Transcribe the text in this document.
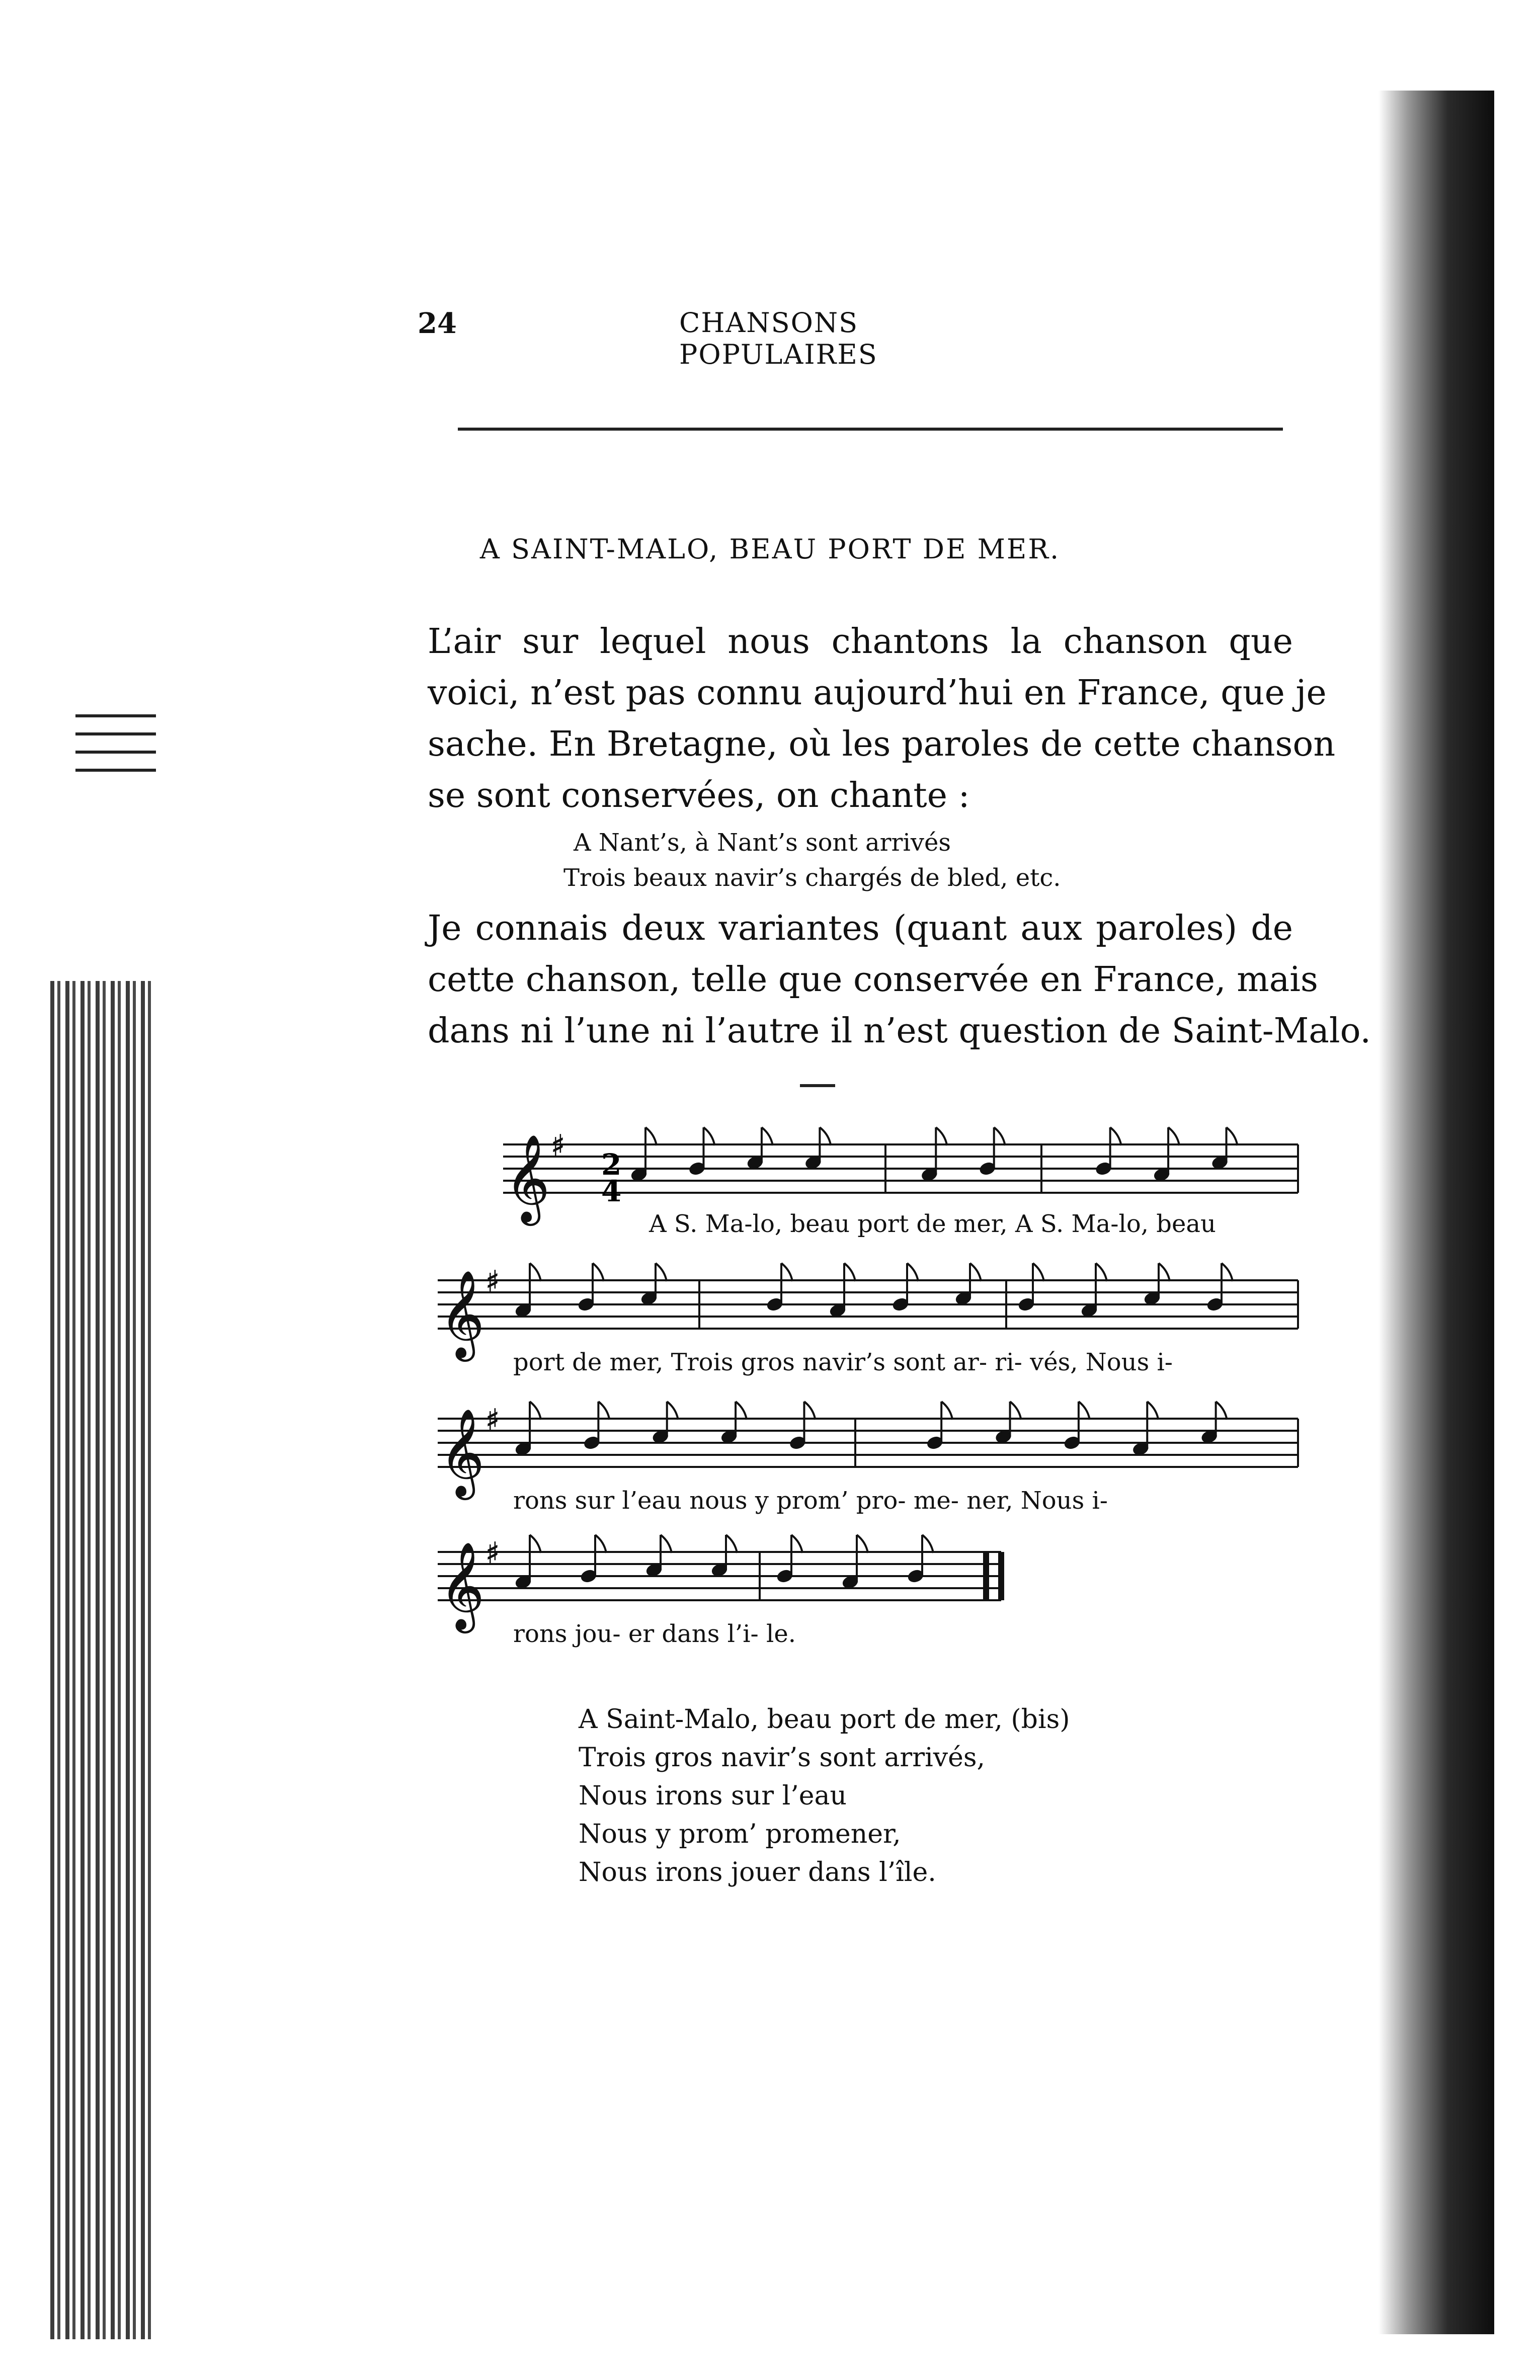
24	CHANSONS POPULAIRES
A SAINT-MALO, BEAU PORT DE MER.
L’air sur lequel nous chantons la chanson que
voici, n’est pas connu aujourd’hui en France, que je
sache. En Bretagne, où les paroles de cette chanson
se sont conservées, on chante :
A Nant’s, à Nant’s sont arrivés
Trois beaux navir’s chargés de bled, etc.
Je connais deux variantes (quant aux paroles) de
cette chanson, telle que conservée en France, mais
dans ni l’une ni l’autre il n’est question de Saint-Malo.
𝄞 ♯
𝄞 ♯
𝄞 ♯
𝄞 ♯
2
4
A S. Ma-lo, beau port de mer, A S. Ma-lo, beau
port de mer, Trois gros navir’s sont ar- ri- vés, Nous i-
rons sur l’eau nous y prom’ pro- me- ner, Nous i-
rons jou- er dans l’i- le.
A Saint-Malo, beau port de mer, (bis)
Trois gros navir’s sont arrivés,
Nous irons sur l’eau
Nous y prom’ promener,
Nous irons jouer dans l’île.
